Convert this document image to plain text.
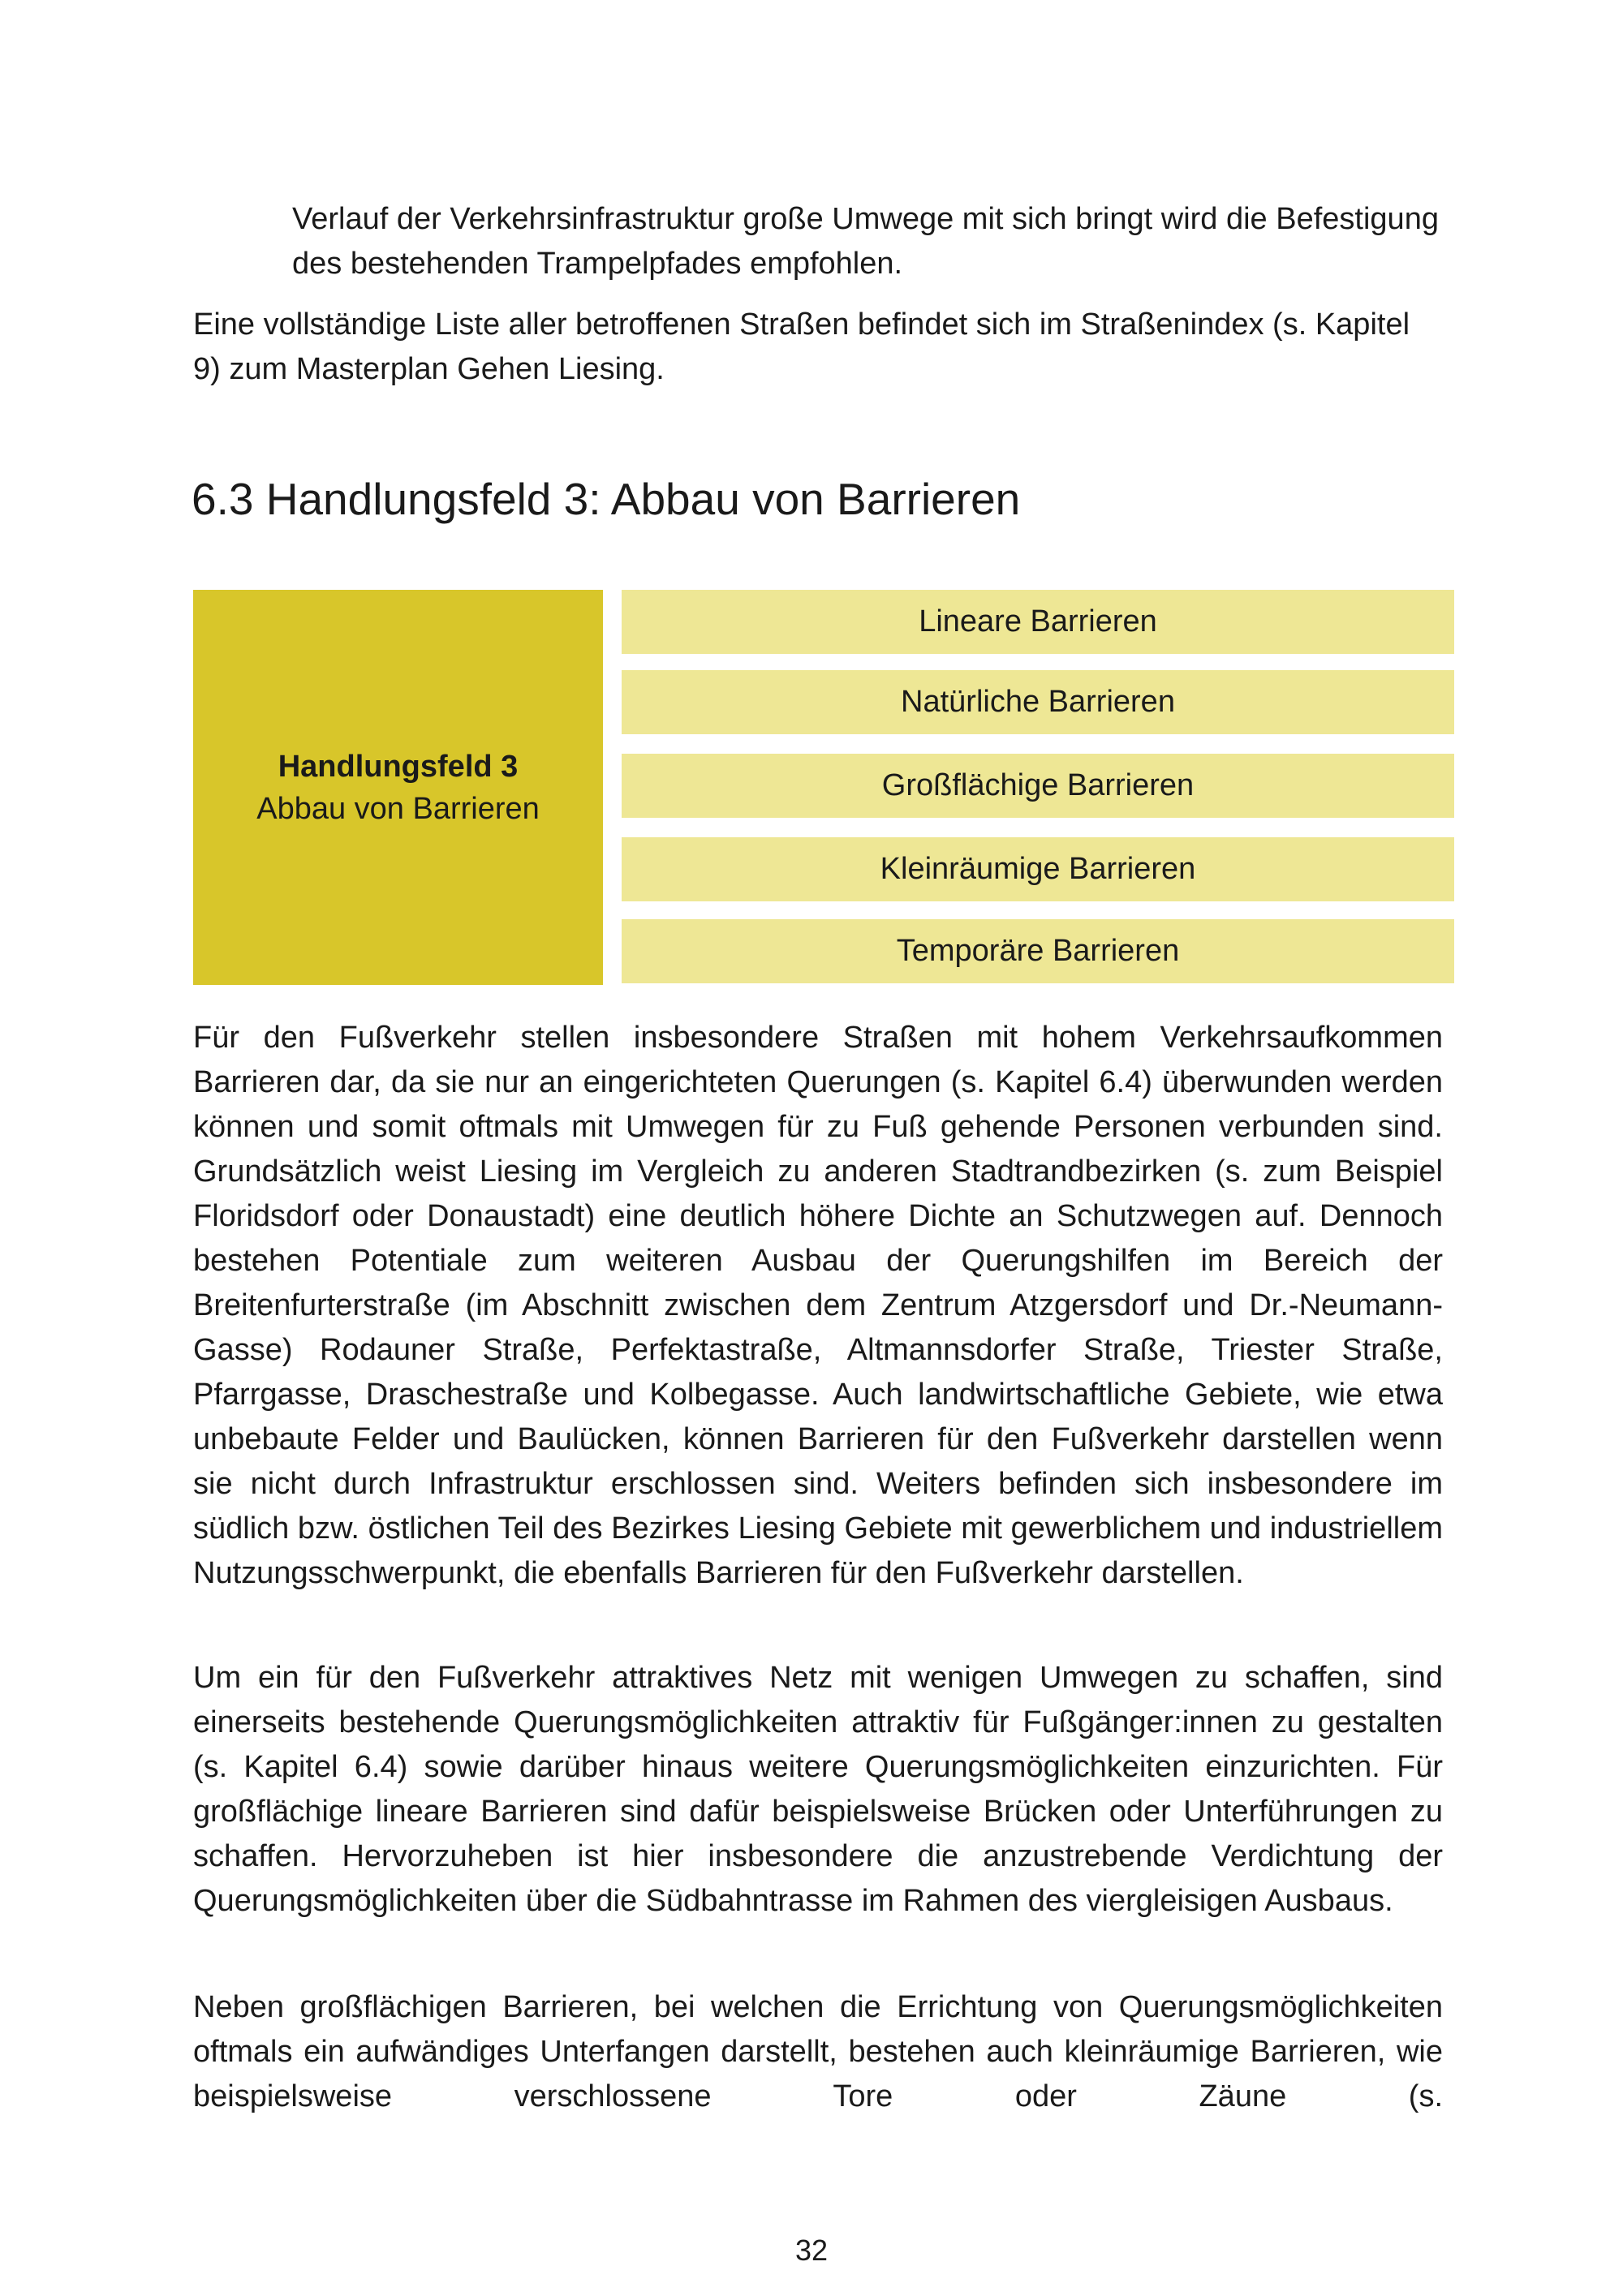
Verlauf der Verkehrsinfrastruktur große Umwege mit sich bringt wird die Befestigung des bestehenden Trampelpfades empfohlen.
Eine vollständige Liste aller betroffenen Straßen befindet sich im Straßenindex (s. Kapitel 9) zum Masterplan Gehen Liesing.
6.3 Handlungsfeld 3: Abbau von Barrieren
Handlungsfeld 3
Abbau von Barrieren
Lineare Barrieren
Natürliche Barrieren
Großflächige Barrieren
Kleinräumige Barrieren
Temporäre Barrieren
Für den Fußverkehr stellen insbesondere Straßen mit hohem Verkehrsaufkommen Barrieren dar, da sie nur an eingerichteten Querungen (s. Kapitel 6.4) überwunden werden können und somit oftmals mit Umwegen für zu Fuß gehende Personen verbunden sind. Grundsätzlich weist Liesing im Vergleich zu anderen Stadtrandbezirken (s. zum Beispiel Floridsdorf oder Donaustadt) eine deutlich höhere Dichte an Schutzwegen auf. Dennoch bestehen Potentiale zum weiteren Ausbau der Querungshilfen im Bereich der Breitenfurterstraße (im Abschnitt zwischen dem Zentrum Atzgersdorf und Dr.-Neumann-Gasse) Rodauner Straße, Perfektastraße, Altmannsdorfer Straße, Triester Straße, Pfarrgasse, Draschestraße und Kolbegasse. Auch landwirtschaftliche Gebiete, wie etwa unbebaute Felder und Baulücken, können Barrieren für den Fußverkehr darstellen wenn sie nicht durch Infrastruktur erschlossen sind. Weiters befinden sich insbesondere im südlich bzw. östlichen Teil des Bezirkes Liesing Gebiete mit gewerblichem und industriellem Nutzungsschwerpunkt, die ebenfalls Barrieren für den Fußverkehr darstellen.
Um ein für den Fußverkehr attraktives Netz mit wenigen Umwegen zu schaffen, sind einerseits bestehende Querungsmöglichkeiten attraktiv für Fußgänger:innen zu gestalten (s. Kapitel 6.4) sowie darüber hinaus weitere Querungsmöglichkeiten einzurichten. Für großflächige lineare Barrieren sind dafür beispielsweise Brücken oder Unterführungen zu schaffen. Hervorzuheben ist hier insbesondere die anzustrebende Verdichtung der Querungsmöglichkeiten über die Südbahntrasse im Rahmen des viergleisigen Ausbaus.
Neben großflächigen Barrieren, bei welchen die Errichtung von Querungsmöglichkeiten oftmals ein aufwändiges Unterfangen darstellt, bestehen auch kleinräumige Barrieren, wie beispielsweise verschlossene Tore oder Zäune (s.
32
